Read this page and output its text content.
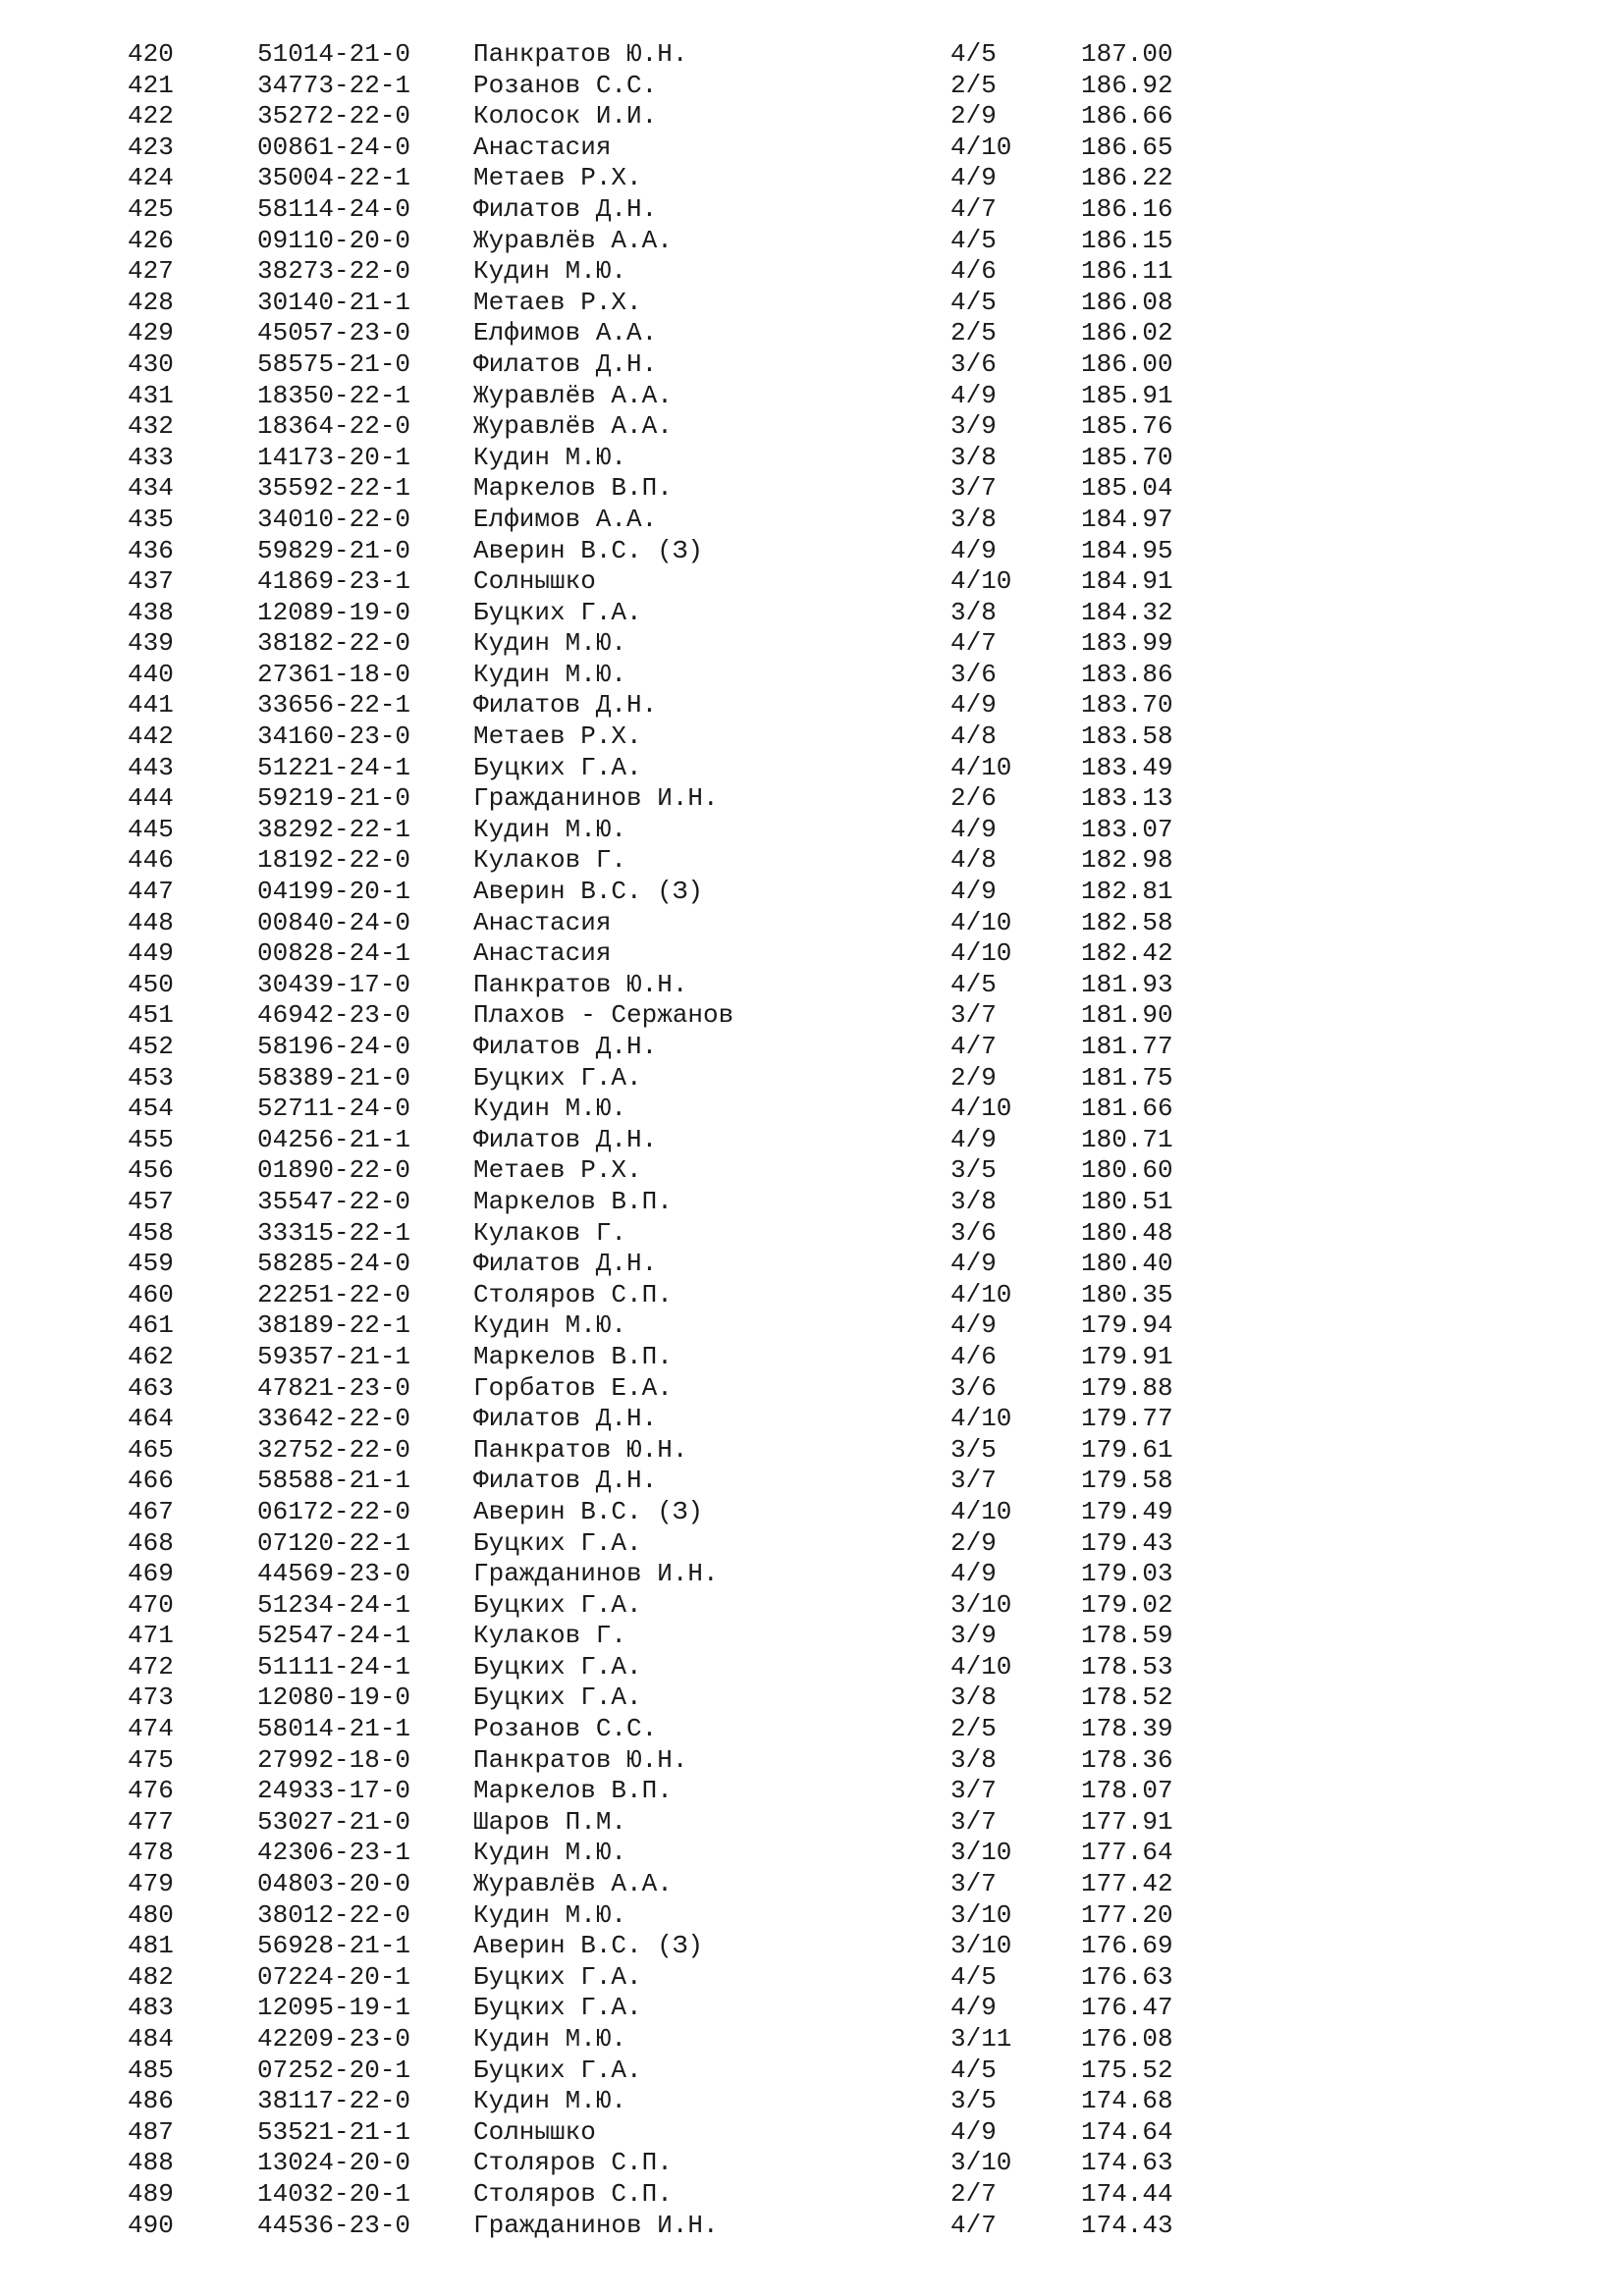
420	51014-21-0 Панкратов Ю.Н.	4/5	187.00
421	34773-22-1 Розанов С.С.	2/5	186.92
422	35272-22-0 Колосок И.И.	2/9	186.66
423	00861-24-0 Анастасия	4/10	186.65
424	35004-22-1 Метаев Р.Х.	4/9	186.22
425	58114-24-0 Филатов Д.Н.	4/7	186.16
426	09110-20-0 Журавлёв А.А.	4/5	186.15
427	38273-22-0 Кудин М.Ю.	4/6	186.11
428	30140-21-1 Метаев Р.Х.	4/5	186.08
429	45057-23-0 Елфимов А.А.	2/5	186.02
430	58575-21-0 Филатов Д.Н.	3/6	186.00
431	18350-22-1 Журавлёв А.А.	4/9	185.91
432	18364-22-0 Журавлёв А.А.	3/9	185.76
433	14173-20-1 Кудин М.Ю.	3/8	185.70
434	35592-22-1 Маркелов В.П.	3/7	185.04
435	34010-22-0 Елфимов А.А.	3/8	184.97
436	59829-21-0 Аверин В.С. (З)	4/9	184.95
437	41869-23-1 Солнышко	4/10	184.91
438	12089-19-0 Буцких Г.А.	3/8	184.32
439	38182-22-0 Кудин М.Ю.	4/7	183.99
440	27361-18-0 Кудин М.Ю.	3/6	183.86
441	33656-22-1 Филатов Д.Н.	4/9	183.70
442	34160-23-0 Метаев Р.Х.	4/8	183.58
443	51221-24-1 Буцких Г.А.	4/10	183.49
444	59219-21-0 Гражданинов И.Н.	2/6	183.13
445	38292-22-1 Кудин М.Ю.	4/9	183.07
446	18192-22-0 Кулаков Г.	4/8	182.98
447	04199-20-1 Аверин В.С. (З)	4/9	182.81
448	00840-24-0 Анастасия	4/10	182.58
449	00828-24-1 Анастасия	4/10	182.42
450	30439-17-0 Панкратов Ю.Н.	4/5	181.93
451	46942-23-0 Плахов - Сержанов	3/7	181.90
452	58196-24-0 Филатов Д.Н.	4/7	181.77
453	58389-21-0 Буцких Г.А.	2/9	181.75
454	52711-24-0 Кудин М.Ю.	4/10	181.66
455	04256-21-1 Филатов Д.Н.	4/9	180.71
456	01890-22-0 Метаев Р.Х.	3/5	180.60
457	35547-22-0 Маркелов В.П.	3/8	180.51
458	33315-22-1 Кулаков Г.	3/6	180.48
459	58285-24-0 Филатов Д.Н.	4/9	180.40
460	22251-22-0 Столяров С.П.	4/10	180.35
461	38189-22-1 Кудин М.Ю.	4/9	179.94
462	59357-21-1 Маркелов В.П.	4/6	179.91
463	47821-23-0 Горбатов Е.А.	3/6	179.88
464	33642-22-0 Филатов Д.Н.	4/10	179.77
465	32752-22-0 Панкратов Ю.Н.	3/5	179.61
466	58588-21-1 Филатов Д.Н.	3/7	179.58
467	06172-22-0 Аверин В.С. (З)	4/10	179.49
468	07120-22-1 Буцких Г.А.	2/9	179.43
469	44569-23-0 Гражданинов И.Н.	4/9	179.03
470	51234-24-1 Буцких Г.А.	3/10	179.02
471	52547-24-1 Кулаков Г.	3/9	178.59
472	51111-24-1 Буцких Г.А.	4/10	178.53
473	12080-19-0 Буцких Г.А.	3/8	178.52
474	58014-21-1 Розанов С.С.	2/5	178.39
475	27992-18-0 Панкратов Ю.Н.	3/8	178.36
476	24933-17-0 Маркелов В.П.	3/7	178.07
477	53027-21-0 Шаров П.М.	3/7	177.91
478	42306-23-1 Кудин М.Ю.	3/10	177.64
479	04803-20-0 Журавлёв А.А.	3/7	177.42
480	38012-22-0 Кудин М.Ю.	3/10	177.20
481	56928-21-1 Аверин В.С. (З)	3/10	176.69
482	07224-20-1 Буцких Г.А.	4/5	176.63
483	12095-19-1 Буцких Г.А.	4/9	176.47
484	42209-23-0 Кудин М.Ю.	3/11	176.08
485	07252-20-1 Буцких Г.А.	4/5	175.52
486	38117-22-0 Кудин М.Ю.	3/5	174.68
487	53521-21-1 Солнышко	4/9	174.64
488	13024-20-0 Столяров С.П.	3/10	174.63
489	14032-20-1 Столяров С.П.	2/7	174.44
490	44536-23-0 Гражданинов И.Н.	4/7	174.43
